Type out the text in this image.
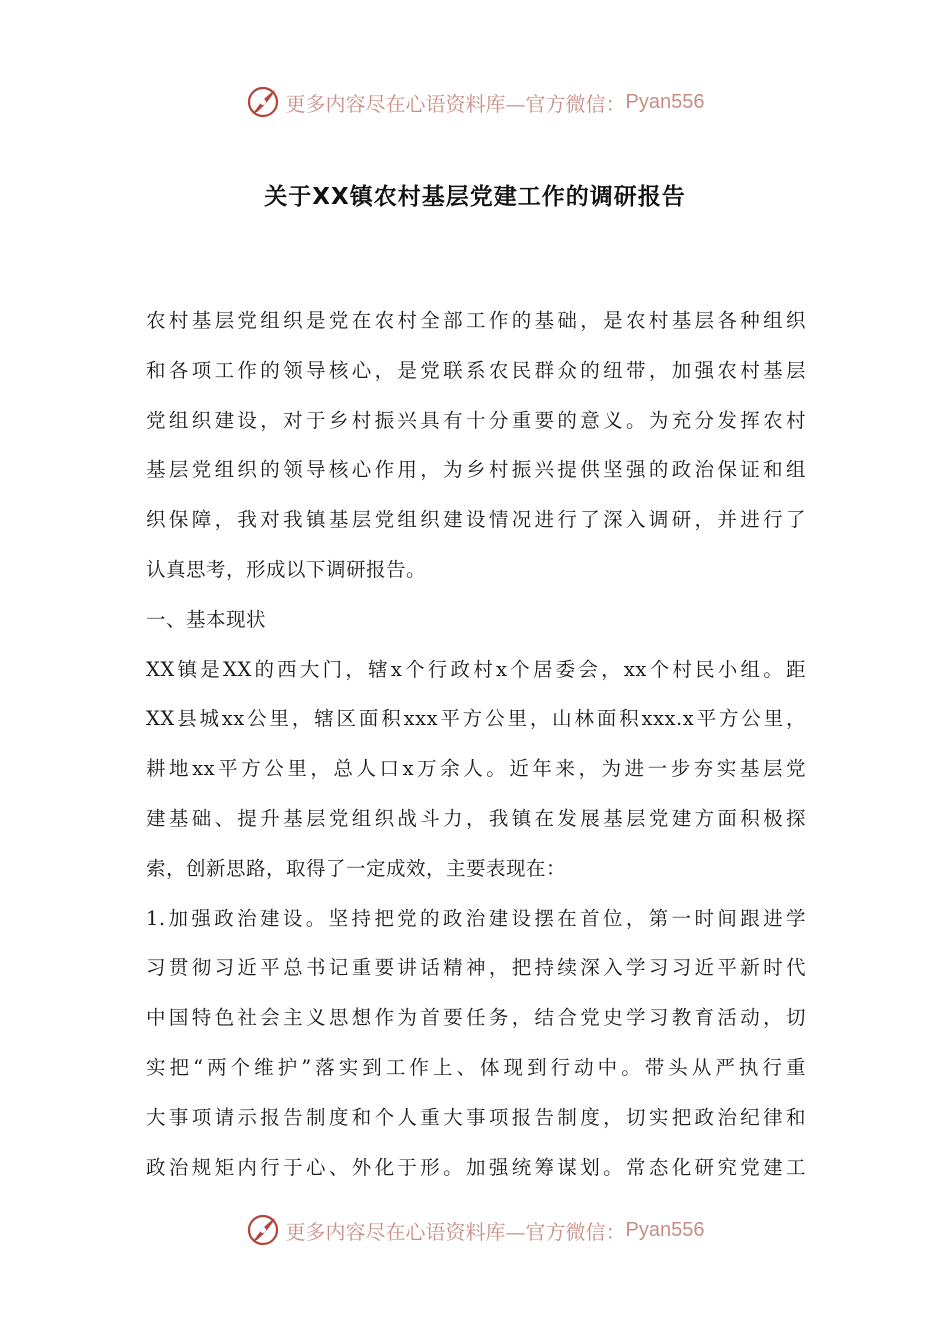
更多内容尽在心语资料库—官方微信： Pyan556
关于XX镇农村基层党建工作的调研报告
农村基层党组织是党在农村全部工作的基础，是农村基层各种组织
和各项工作的领导核心，是党联系农民群众的纽带，加强农村基层
党组织建设，对于乡村振兴具有十分重要的意义。为充分发挥农村
基层党组织的领导核心作用，为乡村振兴提供坚强的政治保证和组
织保障，我对我镇基层党组织建设情况进行了深入调研，并进行了
认真思考，形成以下调研报告。
一、基本现状
XX镇是XX的西大门，辖x个行政村x个居委会，xx个村民小组。距
XX县城xx公里，辖区面积xxx平方公里，山林面积xxx.x平方公里，
耕地xx平方公里，总人口x万余人。近年来，为进一步夯实基层党
建基础、提升基层党组织战斗力，我镇在发展基层党建方面积极探
索，创新思路，取得了一定成效，主要表现在：
1.加强政治建设。坚持把党的政治建设摆在首位，第一时间跟进学
习贯彻习近平总书记重要讲话精神，把持续深入学习习近平新时代
中国特色社会主义思想作为首要任务，结合党史学习教育活动，切
实把“两个维护”落实到工作上、体现到行动中。带头从严执行重
大事项请示报告制度和个人重大事项报告制度，切实把政治纪律和
政治规矩内行于心、外化于形。加强统筹谋划。常态化研究党建工
更多内容尽在心语资料库—官方微信： Pyan556
